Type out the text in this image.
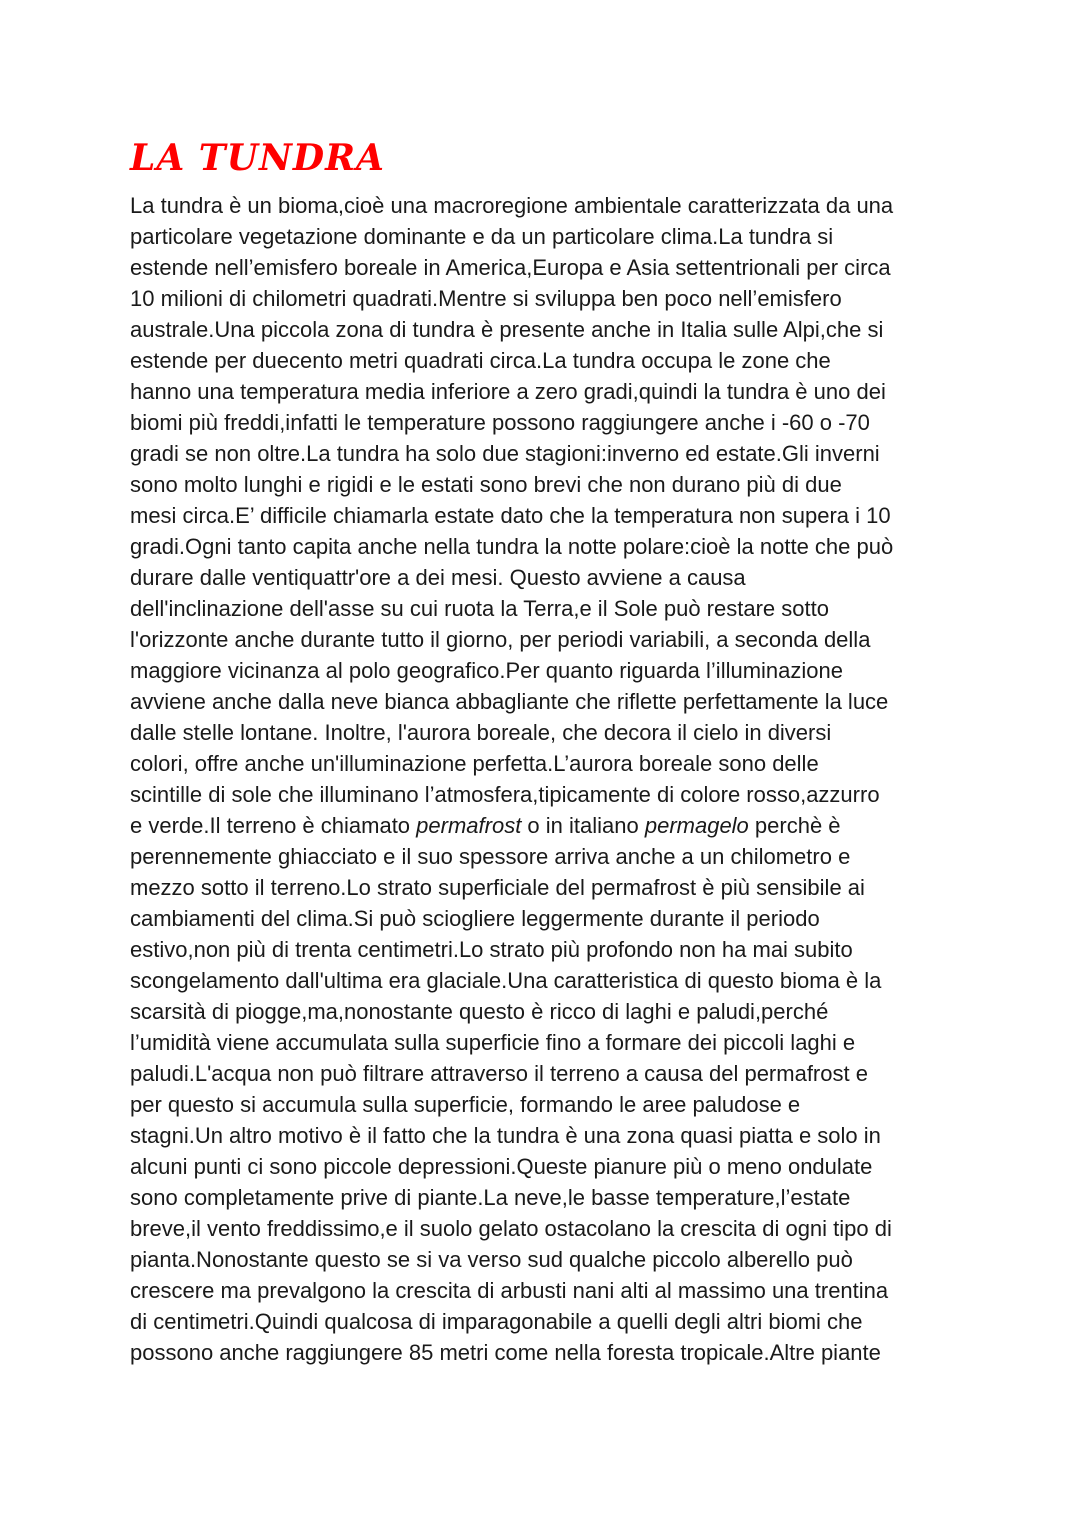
LA TUNDRA
La tundra è un bioma,cioè una macroregione ambientale caratterizzata da una
particolare vegetazione dominante e da un particolare clima.La tundra si
estende nell’emisfero boreale in America,Europa e Asia settentrionali per circa
10 milioni di chilometri quadrati.Mentre si sviluppa ben poco nell’emisfero
australe.Una piccola zona di tundra è presente anche in Italia sulle Alpi,che si
estende per duecento metri quadrati circa.La tundra occupa le zone che
hanno una temperatura media inferiore a zero gradi,quindi la tundra è uno dei
biomi più freddi,infatti le temperature possono raggiungere anche i -60 o -70
gradi se non oltre.La tundra ha solo due stagioni:inverno ed estate.Gli inverni
sono molto lunghi e rigidi e le estati sono brevi che non durano più di due
mesi circa.E’ difficile chiamarla estate dato che la temperatura non supera i 10
gradi.Ogni tanto capita anche nella tundra la notte polare:cioè la notte che può
durare dalle ventiquattr'ore a dei mesi. Questo avviene a causa
dell'inclinazione dell'asse su cui ruota la Terra,e il Sole può restare sotto
l'orizzonte anche durante tutto il giorno, per periodi variabili, a seconda della
maggiore vicinanza al polo geografico.Per quanto riguarda l’illuminazione
avviene anche dalla neve bianca abbagliante che riflette perfettamente la luce
dalle stelle lontane. Inoltre, l'aurora boreale, che decora il cielo in diversi
colori, offre anche un'illuminazione perfetta.L’aurora boreale sono delle
scintille di sole che illuminano l’atmosfera,tipicamente di colore rosso,azzurro
e verde.Il terreno è chiamato permafrost o in italiano permagelo perchè è
perennemente ghiacciato e il suo spessore arriva anche a un chilometro e
mezzo sotto il terreno.Lo strato superficiale del permafrost è più sensibile ai
cambiamenti del clima.Si può sciogliere leggermente durante il periodo
estivo,non più di trenta centimetri.Lo strato più profondo non ha mai subito
scongelamento dall'ultima era glaciale.Una caratteristica di questo bioma è la
scarsità di piogge,ma,nonostante questo è ricco di laghi e paludi,perché
l’umidità viene accumulata sulla superficie fino a formare dei piccoli laghi e
paludi.L'acqua non può filtrare attraverso il terreno a causa del permafrost e
per questo si accumula sulla superficie, formando le aree paludose e
stagni.Un altro motivo è il fatto che la tundra è una zona quasi piatta e solo in
alcuni punti ci sono piccole depressioni.Queste pianure più o meno ondulate
sono completamente prive di piante.La neve,le basse temperature,l’estate
breve,il vento freddissimo,e il suolo gelato ostacolano la crescita di ogni tipo di
pianta.Nonostante questo se si va verso sud qualche piccolo alberello può
crescere ma prevalgono la crescita di arbusti nani alti al massimo una trentina
di centimetri.Quindi qualcosa di imparagonabile a quelli degli altri biomi che
possono anche raggiungere 85 metri come nella foresta tropicale.Altre piante
